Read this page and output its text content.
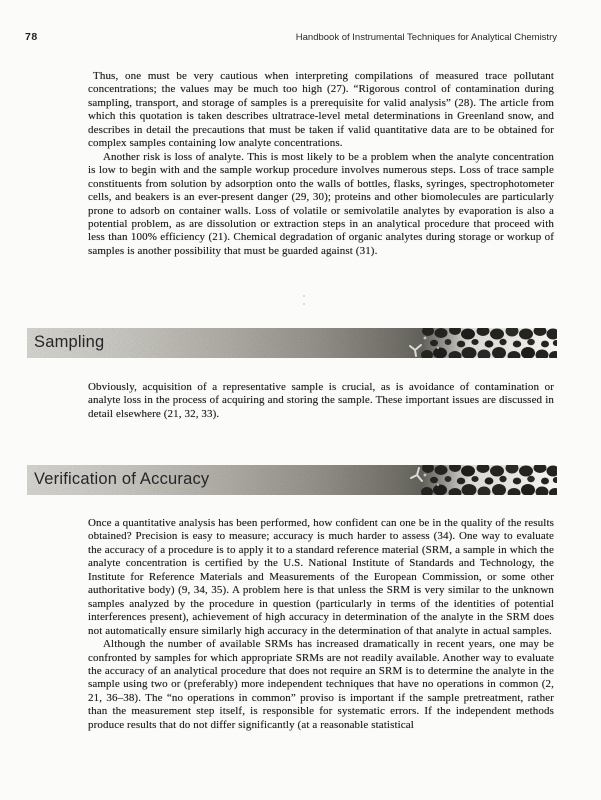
78	Handbook of Instrumental Techniques for Analytical Chemistry

Thus, one must be very cautious when interpreting compilations of measured trace pollutant concentrations; the values may be much too high (27). “Rigorous control of contamination during sampling, transport, and storage of samples is a prerequisite for valid analysis” (28). The article from which this quotation is taken describes ultratrace-level metal determinations in Greenland snow, and describes in detail the precautions that must be taken if valid quantitative data are to be obtained for complex samples containing low analyte concentrations.

Another risk is loss of analyte. This is most likely to be a problem when the analyte concentration is low to begin with and the sample workup procedure involves numerous steps. Loss of trace sample constituents from solution by adsorption onto the walls of bottles, flasks, syringes, spectrophotometer cells, and beakers is an ever-present danger (29, 30); proteins and other biomolecules are particularly prone to adsorb on container walls. Loss of volatile or semivolatile analytes by evaporation is also a potential problem, as are dissolution or extraction steps in an analytical procedure that proceed with less than 100% efficiency (21). Chemical degradation of organic analytes during storage or workup of samples is another possibility that must be guarded against (31).

Sampling

Obviously, acquisition of a representative sample is crucial, as is avoidance of contamination or analyte loss in the process of acquiring and storing the sample. These important issues are discussed in detail elsewhere (21, 32, 33).

Verification of Accuracy

Once a quantitative analysis has been performed, how confident can one be in the quality of the results obtained? Precision is easy to measure; accuracy is much harder to assess (34). One way to evaluate the accuracy of a procedure is to apply it to a standard reference material (SRM, a sample in which the analyte concentration is certified by the U.S. National Institute of Standards and Technology, the Institute for Reference Materials and Measurements of the European Commission, or some other authoritative body) (9, 34, 35). A problem here is that unless the SRM is very similar to the unknown samples analyzed by the procedure in question (particularly in terms of the identities of potential interferences present), achievement of high accuracy in determination of the analyte in the SRM does not automatically ensure similarly high accuracy in the determination of that analyte in actual samples.

Although the number of available SRMs has increased dramatically in recent years, one may be confronted by samples for which appropriate SRMs are not readily available. Another way to evaluate the accuracy of an analytical procedure that does not require an SRM is to determine the analyte in the sample using two or (preferably) more independent techniques that have no operations in common (2, 21, 36–38). The “no operations in common” proviso is important if the sample pretreatment, rather than the measurement step itself, is responsible for systematic errors. If the independent methods produce results that do not differ significantly (at a reasonable statistical
